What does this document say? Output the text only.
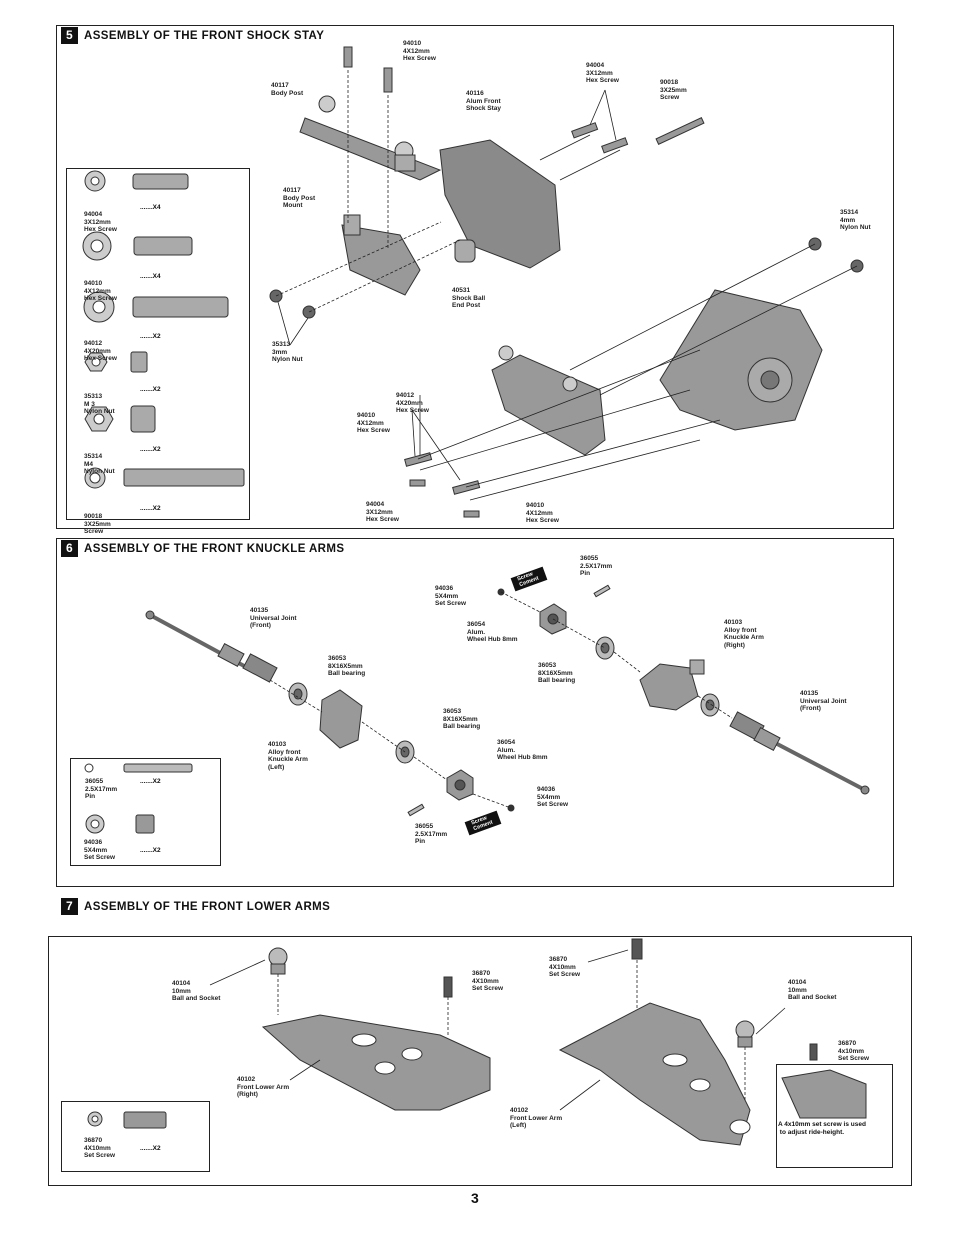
5 ASSEMBLY OF THE FRONT SHOCK STAY

94004
3X12mm
Hex Screw
.......X4

94010
4X12mm
Hex Screw
.......X4

94012
4X20mm
Hex Screw
.......X2

35313
M 3
Nylon Nut
.......X2

35314
M4
Nylon Nut
.......X2

90018
3X25mm
Screw
.......X2
94010
4X12mm
Hex Screw
40117
Body Post	40116
Alum Front
Shock Stay
94004
3X12mm
Hex Screw	90018
3X25mm
Screw
40117
Body Post
Mount
35314
4mm
Nylon Nut
40531
Shock Ball
End Post
35313
3mm
Nylon Nut
94012
4X20mm
Hex Screw
94010
4X12mm
Hex Screw
94004
3X12mm
Hex Screw
94010
4X12mm
Hex Screw
6 ASSEMBLY OF THE FRONT KNUCKLE ARMS
36055
2.5X17mm
Pin
.......X2
94036
5X4mm
Set Screw
.......X2
36055
2.5X17mm
Pin
94036
5X4mm
Set Screw
40135
Universal Joint
(Front)	36054
Alum.
Wheel Hub 8mm
40103
Alloy front
Knuckle Arm
(Right)
36053
8X16X5mm
Ball bearing
36053
8X16X5mm
Ball bearing
40135
Universal Joint
(Front)
36053
8X16X5mm
Ball bearing
40103
Alloy front
Knuckle Arm
(Left)
36054
Alum.
Wheel Hub 8mm
94036
5X4mm
Set Screw
36055
2.5X17mm
Pin
Screw
Cement
Screw
Cement
7 ASSEMBLY OF THE FRONT LOWER ARMS
36870
4X10mm
Set Screw
.......X2
40104
10mm
Ball and Socket
36870
4X10mm
Set Screw
36870
4X10mm
Set Screw
40104
10mm
Ball and Socket
36870
4x10mm
Set Screw
40102
Front Lower Arm
(Right)
40102
Front Lower Arm
(Left)	A 4x10mm set screw is used
to adjust ride-height.
3
